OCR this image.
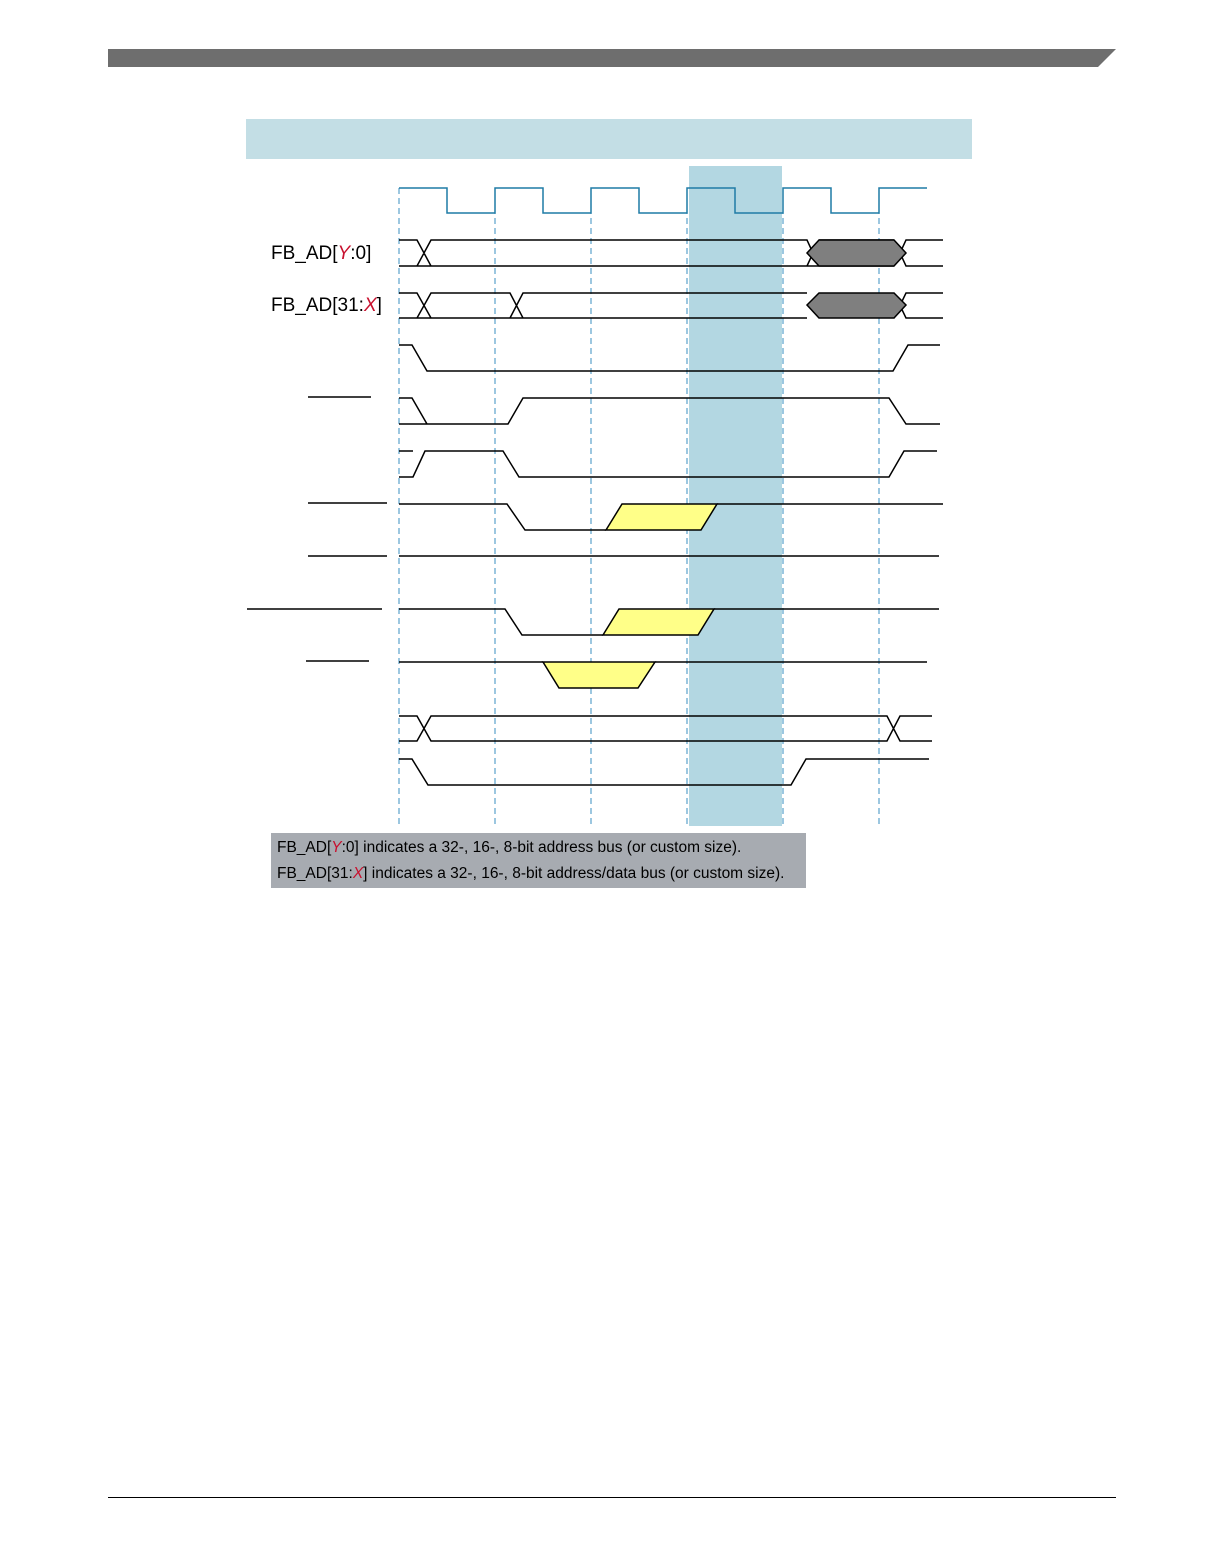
FB_AD[Y:0]
FB_AD[31:X]
FB_AD[Y:0] indicates a 32-, 16-, 8-bit address bus (or custom size).
FB_AD[31:X] indicates a 32-, 16-, 8-bit address/data bus (or custom size).
